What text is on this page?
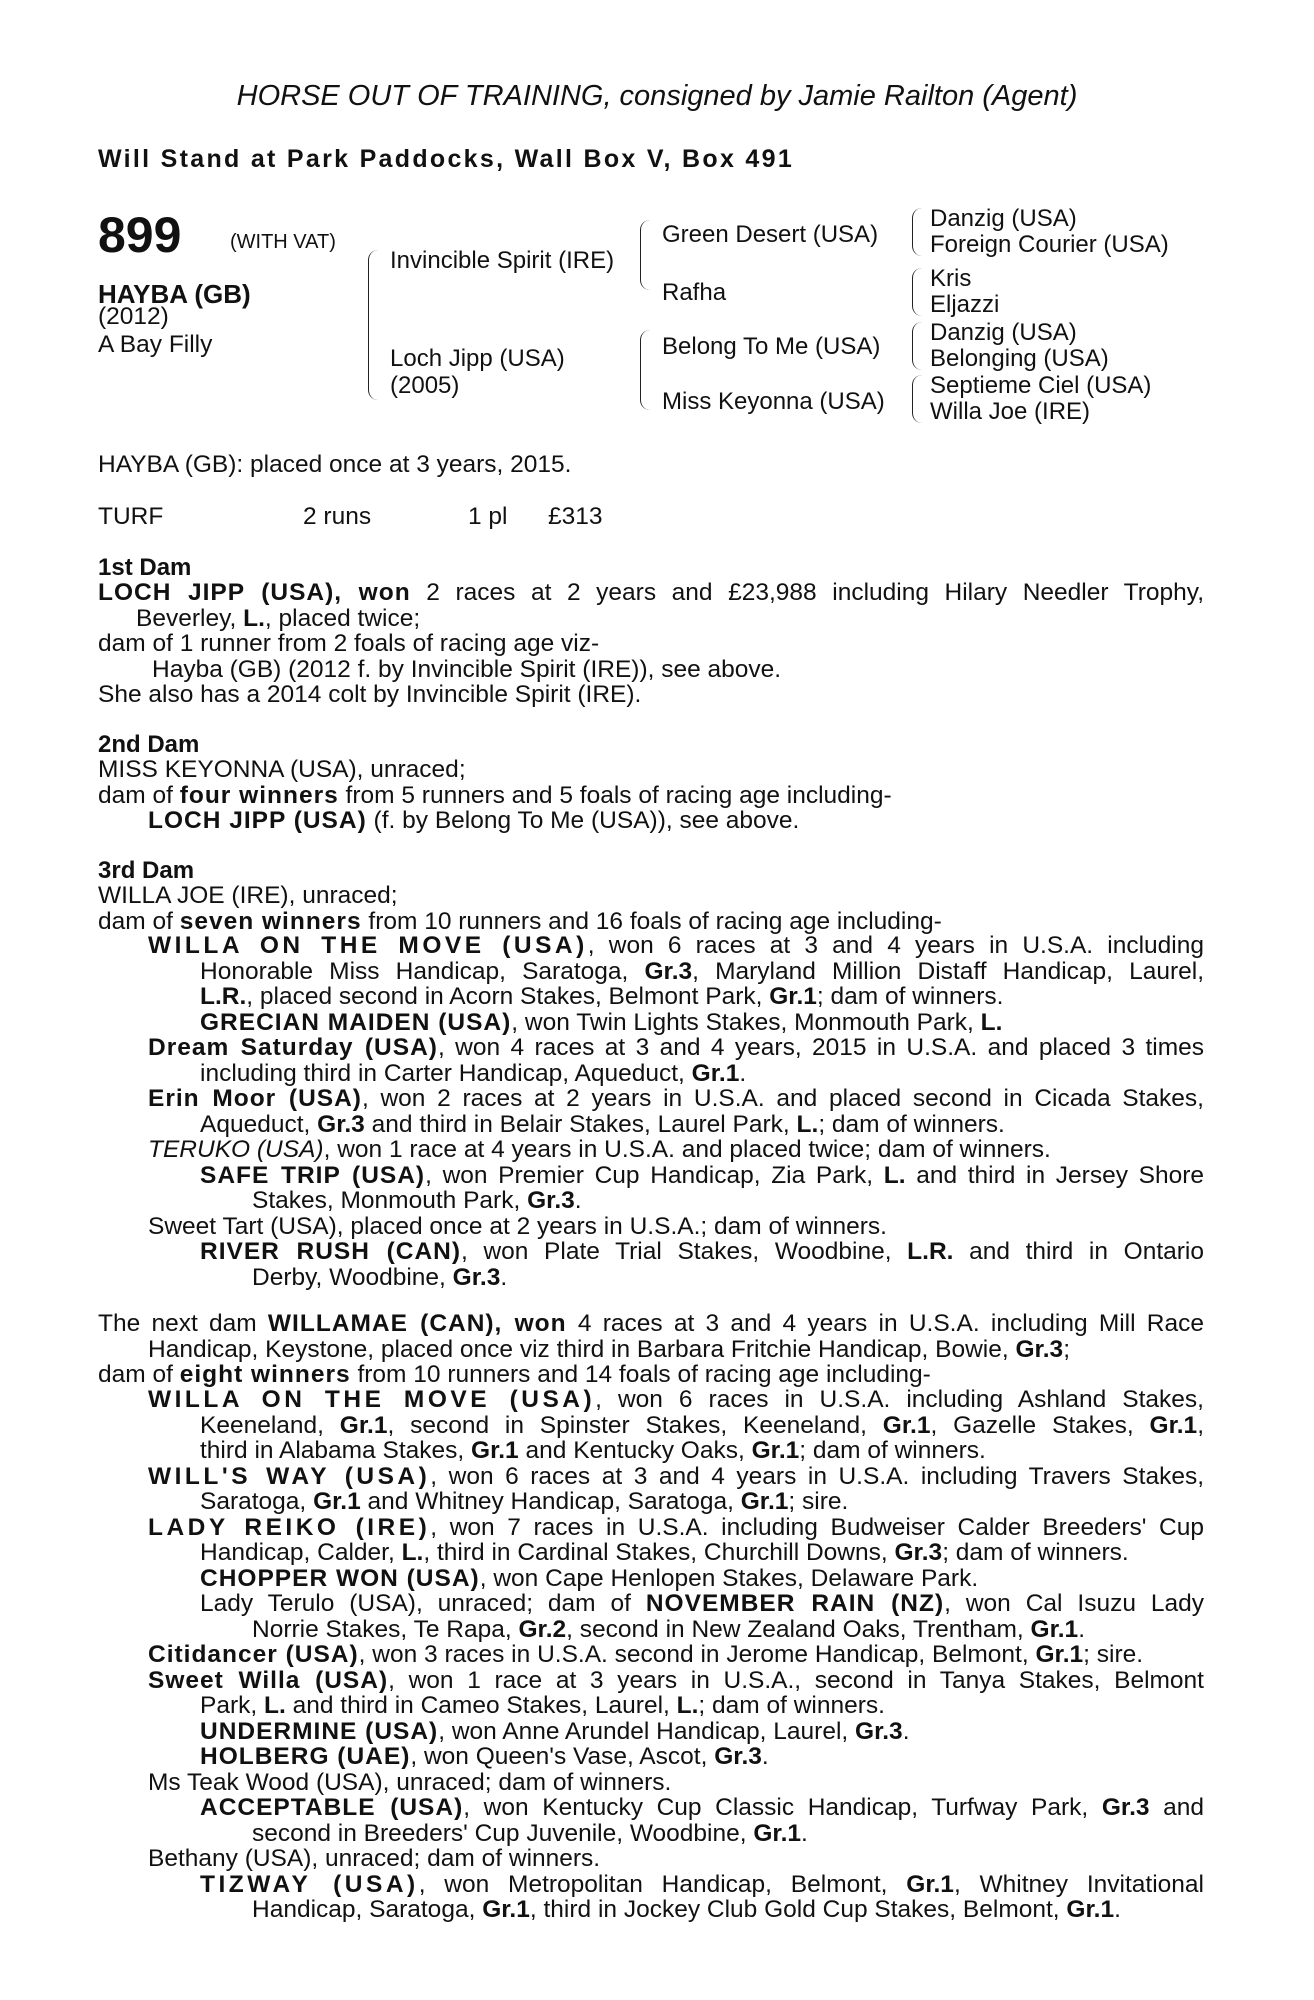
HORSE OUT OF TRAINING, consigned by Jamie Railton (Agent)
Will Stand at Park Paddocks, Wall Box V, Box 491
899 (WITH VAT)
HAYBA (GB)
(2012)
A Bay Filly
Invincible Spirit (IRE)
Loch Jipp (USA)
(2005)
Green Desert (USA)
Rafha
Belong To Me (USA)
Miss Keyonna (USA)
Danzig (USA)
Foreign Courier (USA)
Kris
Eljazzi
Danzig (USA)
Belonging (USA)
Septieme Ciel (USA)
Willa Joe (IRE)
HAYBA (GB): placed once at 3 years, 2015.
TURF	2 runs	1 pl £313
1st Dam
LOCH JIPP (USA), won 2 races at 2 years and £23,988 including Hilary Needler Trophy,
Beverley, L., placed twice;
dam of 1 runner from 2 foals of racing age viz-
Hayba (GB) (2012 f. by Invincible Spirit (IRE)), see above.
She also has a 2014 colt by Invincible Spirit (IRE).
2nd Dam
MISS KEYONNA (USA), unraced;
dam of four winners from 5 runners and 5 foals of racing age including-
LOCH JIPP (USA) (f. by Belong To Me (USA)), see above.
3rd Dam
WILLA JOE (IRE), unraced;
dam of seven winners from 10 runners and 16 foals of racing age including-
The next dam WILLAMAE (CAN), won 4 races at 3 and 4 years in U.S.A. including Mill Race
Handicap, Keystone, placed once viz third in Barbara Fritchie Handicap, Bowie, Gr.3;
dam of eight winners from 10 runners and 14 foals of racing age including-
WILLA ON THE MOVE (USA), won 6 races at 3 and 4 years in U.S.A. including
Honorable Miss Handicap, Saratoga, Gr.3, Maryland Million Distaff Handicap, Laurel,
L.R., placed second in Acorn Stakes, Belmont Park, Gr.1; dam of winners.
GRECIAN MAIDEN (USA), won Twin Lights Stakes, Monmouth Park, L.
Dream Saturday (USA), won 4 races at 3 and 4 years, 2015 in U.S.A. and placed 3 times
including third in Carter Handicap, Aqueduct, Gr.1.
Erin Moor (USA), won 2 races at 2 years in U.S.A. and placed second in Cicada Stakes,
Aqueduct, Gr.3 and third in Belair Stakes, Laurel Park, L.; dam of winners.
TERUKO (USA), won 1 race at 4 years in U.S.A. and placed twice; dam of winners.
SAFE TRIP (USA), won Premier Cup Handicap, Zia Park, L. and third in Jersey Shore
Stakes, Monmouth Park, Gr.3.
Sweet Tart (USA), placed once at 2 years in U.S.A.; dam of winners.
RIVER RUSH (CAN), won Plate Trial Stakes, Woodbine, L.R. and third in Ontario
Derby, Woodbine, Gr.3.
WILLA ON THE MOVE (USA), won 6 races in U.S.A. including Ashland Stakes,
Keeneland, Gr.1, second in Spinster Stakes, Keeneland, Gr.1, Gazelle Stakes, Gr.1,
third in Alabama Stakes, Gr.1 and Kentucky Oaks, Gr.1; dam of winners.
WILL'S WAY (USA), won 6 races at 3 and 4 years in U.S.A. including Travers Stakes,
Saratoga, Gr.1 and Whitney Handicap, Saratoga, Gr.1; sire.
LADY REIKO (IRE), won 7 races in U.S.A. including Budweiser Calder Breeders' Cup
Handicap, Calder, L., third in Cardinal Stakes, Churchill Downs, Gr.3; dam of winners.
CHOPPER WON (USA), won Cape Henlopen Stakes, Delaware Park.
Lady Terulo (USA), unraced; dam of NOVEMBER RAIN (NZ), won Cal Isuzu Lady
Norrie Stakes, Te Rapa, Gr.2, second in New Zealand Oaks, Trentham, Gr.1.
Citidancer (USA), won 3 races in U.S.A. second in Jerome Handicap, Belmont, Gr.1; sire.
Sweet Willa (USA), won 1 race at 3 years in U.S.A., second in Tanya Stakes, Belmont
Park, L. and third in Cameo Stakes, Laurel, L.; dam of winners.
UNDERMINE (USA), won Anne Arundel Handicap, Laurel, Gr.3.
HOLBERG (UAE), won Queen's Vase, Ascot, Gr.3.
Ms Teak Wood (USA), unraced; dam of winners.
ACCEPTABLE (USA), won Kentucky Cup Classic Handicap, Turfway Park, Gr.3 and
second in Breeders' Cup Juvenile, Woodbine, Gr.1.
Bethany (USA), unraced; dam of winners.
TIZWAY (USA), won Metropolitan Handicap, Belmont, Gr.1, Whitney Invitational
Handicap, Saratoga, Gr.1, third in Jockey Club Gold Cup Stakes, Belmont, Gr.1.
